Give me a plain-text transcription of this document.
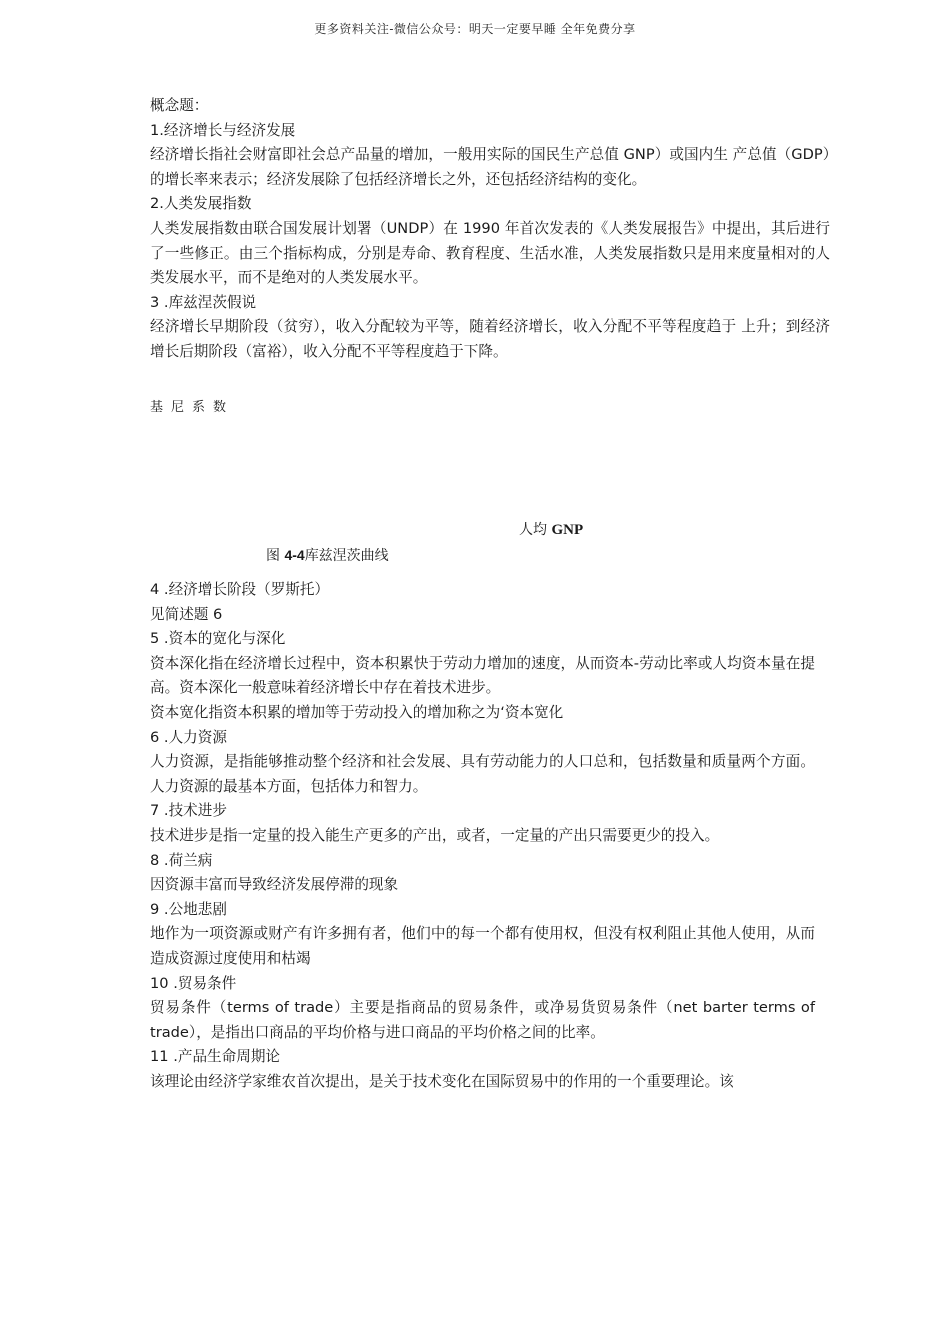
更多资料关注-微信公众号：明天一定要早睡 全年免费分享
概念题：
1.经济增长与经济发展
经济增长指社会财富即社会总产品量的增加，一般用实际的国民生产总值 GNP）或国内生 产总值（GDP）的增长率来表示；经济发展除了包括经济增长之外，还包括经济结构的变化。
2.人类发展指数
人类发展指数由联合国发展计划署（UNDP）在 1990 年首次发表的《人类发展报告》中提出，其后进行了一些修正。由三个指标构成，分别是寿命、教育程度、生活水准，人类发展指数只是用来度量相对的人类发展水平，而不是绝对的人类发展水平。
3 .库兹涅茨假说
经济增长早期阶段（贫穷），收入分配较为平等，随着经济增长，收入分配不平等程度趋于 上升；到经济增长后期阶段（富裕），收入分配不平等程度趋于下降。
基尼系数
人均 GNP
图 4-4库兹涅茨曲线
4 .经济增长阶段（罗斯托）
见简述题 6
5 .资本的宽化与深化
资本深化指在经济增长过程中，资本积累快于劳动力增加的速度，从而资本-劳动比率或人均资本量在提高。资本深化一般意味着经济增长中存在着技术进步。
资本宽化指资本积累的增加等于劳动投入的增加称之为‘资本宽化
6 .人力资源
人力资源，是指能够推动整个经济和社会发展、具有劳动能力的人口总和，包括数量和质量两个方面。人力资源的最基本方面，包括体力和智力。
7 .技术进步
技术进步是指一定量的投入能生产更多的产出，或者，一定量的产出只需要更少的投入。
8 .荷兰病
因资源丰富而导致经济发展停滞的现象
9 .公地悲剧
地作为一项资源或财产有许多拥有者，他们中的每一个都有使用权，但没有权利阻止其他人使用，从而造成资源过度使用和枯竭
10 .贸易条件
贸易条件（terms of trade）主要是指商品的贸易条件，或净易货贸易条件（net barter terms of trade），是指出口商品的平均价格与进口商品的平均价格之间的比率。
11 .产品生命周期论
该理论由经济学家维农首次提出，是关于技术变化在国际贸易中的作用的一个重要理论。该
